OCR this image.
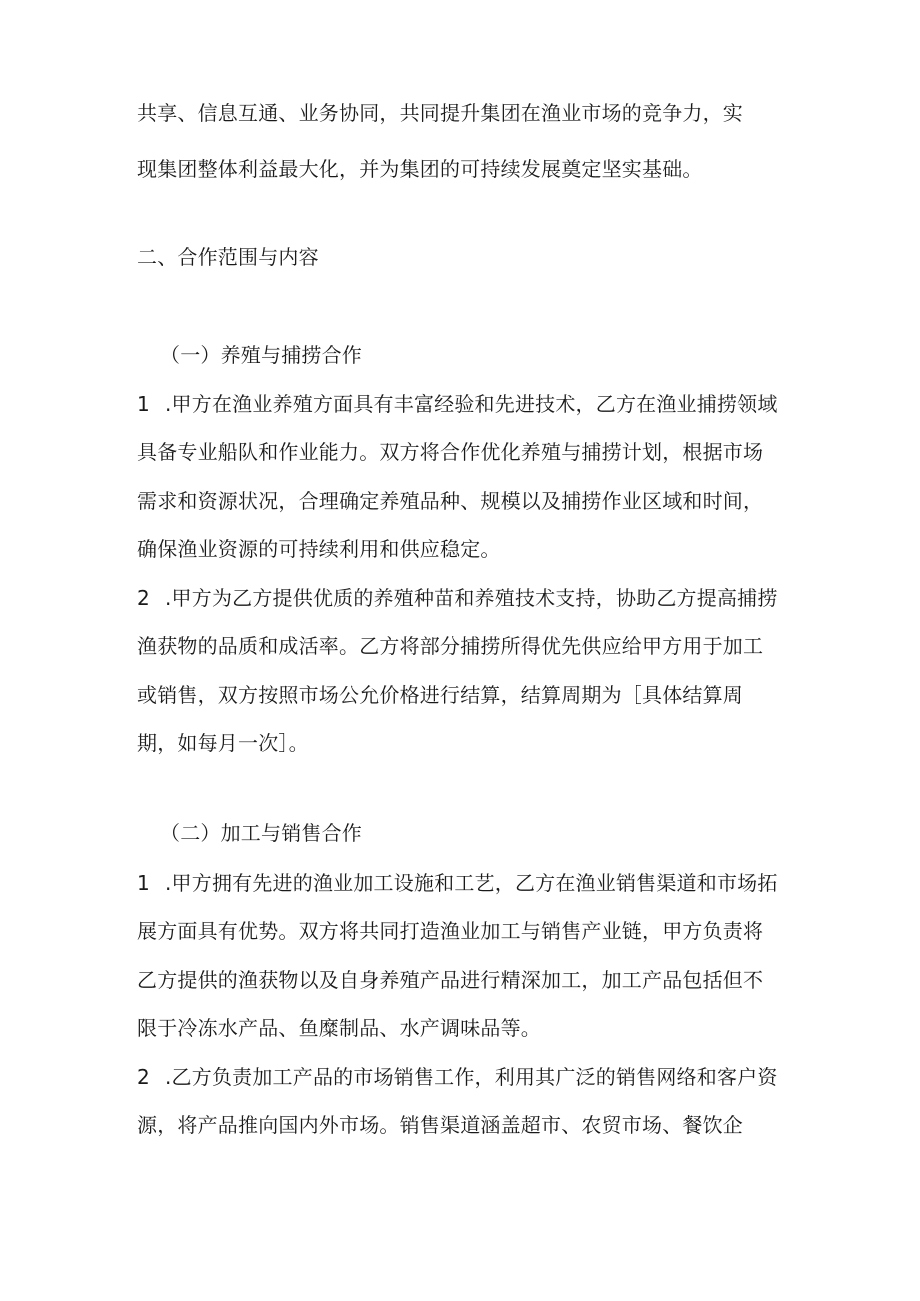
共享、信息互通、业务协同，共同提升集团在渔业市场的竞争力，实
现集团整体利益最大化，并为集团的可持续发展奠定坚实基础。
二、合作范围与内容
（一）养殖与捕捞合作
1 .甲方在渔业养殖方面具有丰富经验和先进技术，乙方在渔业捕捞领域
具备专业船队和作业能力。双方将合作优化养殖与捕捞计划，根据市场
需求和资源状况，合理确定养殖品种、规模以及捕捞作业区域和时间，
确保渔业资源的可持续利用和供应稳定。
2 .甲方为乙方提供优质的养殖种苗和养殖技术支持，协助乙方提高捕捞
渔获物的品质和成活率。乙方将部分捕捞所得优先供应给甲方用于加工
或销售，双方按照市场公允价格进行结算，结算周期为［具体结算周
期，如每月一次］。
（二）加工与销售合作
1 .甲方拥有先进的渔业加工设施和工艺，乙方在渔业销售渠道和市场拓
展方面具有优势。双方将共同打造渔业加工与销售产业链，甲方负责将
乙方提供的渔获物以及自身养殖产品进行精深加工，加工产品包括但不
限于冷冻水产品、鱼糜制品、水产调味品等。
2 .乙方负责加工产品的市场销售工作，利用其广泛的销售网络和客户资
源，将产品推向国内外市场。销售渠道涵盖超市、农贸市场、餐饮企
